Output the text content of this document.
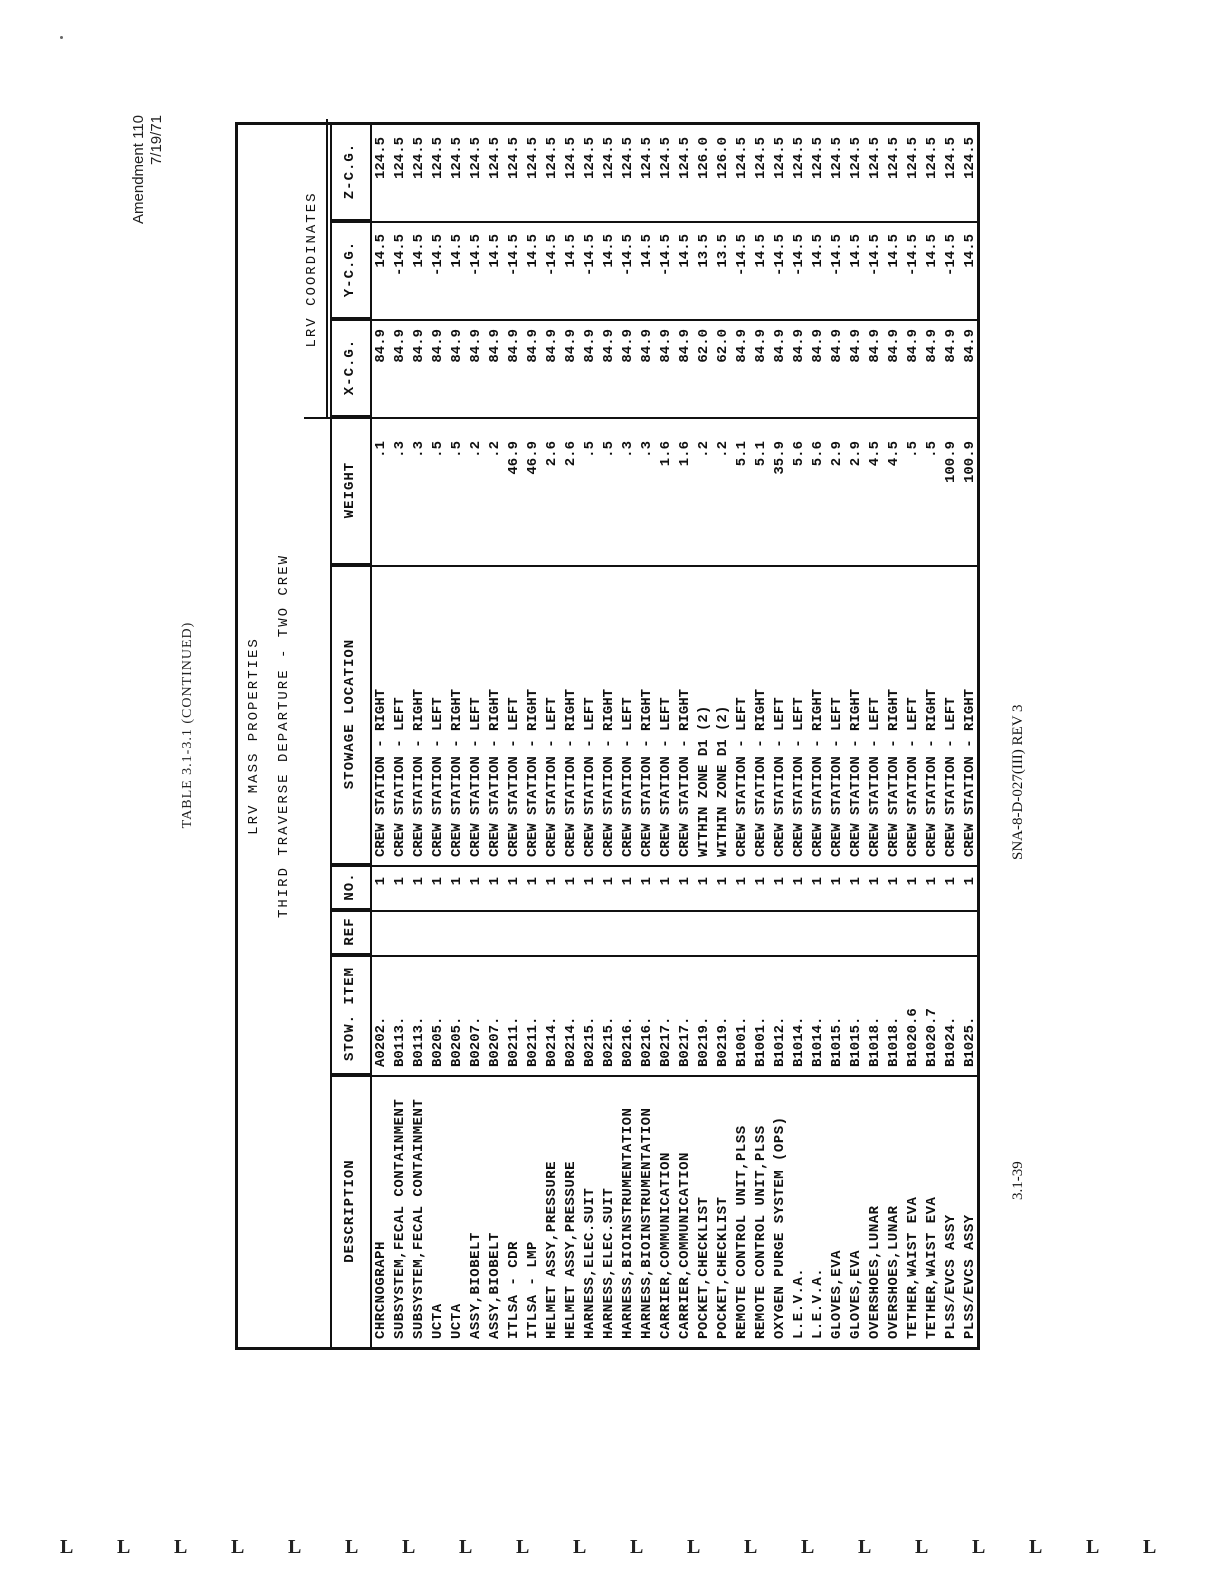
Amendment 110 7/19/71
TABLE 3.1-3.1 (CONTINUED)	LRV MASS PROPERTIES THIRD TRAVERSE DEPARTURE - TWO CREW
LRV COORDINATES
DESCRIPTION
STOW. ITEM
REF
NO.
STOWAGE LOCATION
WEIGHT
X-C.G.
Y-C.G.
Z-C.G.
CHRCNOGRAPH
A0202.
1
CREW STATION - RIGHT
.1
84.9
14.5
124.5
SUBSYSTEM,FECAL CONTAINMENT
B0113.
1
CREW STATION - LEFT
.3
84.9
-14.5
124.5
SUBSYSTEM,FECAL CONTAINMENT
B0113.
1
CREW STATION - RIGHT
.3
84.9
14.5
124.5
UCTA
B0205.
1
CREW STATION - LEFT
.5
84.9
-14.5
124.5
UCTA
B0205.
1
CREW STATION - RIGHT
.5
84.9
14.5
124.5
ASSY,BIOBELT
B0207.
1
CREW STATION - LEFT
.2
84.9
-14.5
124.5
ASSY,BIOBELT
B0207.
1
CREW STATION - RIGHT
.2
84.9
14.5
124.5
ITLSA - CDR
B0211.
1
CREW STATION - LEFT
46.9
84.9
-14.5
124.5
ITLSA - LMP
B0211.
1
CREW STATION - RIGHT
46.9
84.9
14.5
124.5
HELMET ASSY,PRESSURE
B0214.
1
CREW STATION - LEFT
2.6
84.9
-14.5
124.5
HELMET ASSY,PRESSURE
B0214.
1
CREW STATION - RIGHT
2.6
84.9
14.5
124.5
HARNESS,ELEC.SUIT
B0215.
1
CREW STATION - LEFT
.5
84.9
-14.5
124.5
HARNESS,ELEC.SUIT
B0215.
1
CREW STATION - RIGHT
.5
84.9
14.5
124.5
HARNESS,BIOINSTRUMENTATION
B0216.
1
CREW STATION - LEFT
.3
84.9
-14.5
124.5
HARNESS,BIOINSTRUMENTATION
B0216.
1
CREW STATION - RIGHT
.3
84.9
14.5
124.5
CARRIER,COMMUNICATION
B0217.
1
CREW STATION - LEFT
1.6
84.9
-14.5
124.5
CARRIER,COMMUNICATION
B0217.
1
CREW STATION - RIGHT
1.6
84.9
14.5
124.5
POCKET,CHECKLIST
B0219.
1
WITHIN ZONE D1 (2)
.2
62.0
13.5
126.0
POCKET,CHECKLIST
B0219.
1
WITHIN ZONE D1 (2)
.2
62.0
13.5
126.0
REMOTE CONTROL UNIT,PLSS
B1001.
1
CREW STATION - LEFT
5.1
84.9
-14.5
124.5
REMOTE CONTROL UNIT,PLSS
B1001.
1
CREW STATION - RIGHT
5.1
84.9
14.5
124.5
OXYGEN PURGE SYSTEM (OPS)
B1012.
1
CREW STATION - LEFT
35.9
84.9
-14.5
124.5
L.E.V.A.
B1014.
1
CREW STATION - LEFT
5.6
84.9
-14.5
124.5
L.E.V.A.
B1014.
1
CREW STATION - RIGHT
5.6
84.9
14.5
124.5
GLOVES,EVA
B1015.
1
CREW STATION - LEFT
2.9
84.9
-14.5
124.5
GLOVES,EVA
B1015.
1
CREW STATION - RIGHT
2.9
84.9
14.5
124.5
OVERSHOES,LUNAR
B1018.
1
CREW STATION - LEFT
4.5
84.9
-14.5
124.5
OVERSHOES,LUNAR
B1018.
1
CREW STATION - RIGHT
4.5
84.9
14.5
124.5
TETHER,WAIST EVA
B1020.6
1
CREW STATION - LEFT
.5
84.9
-14.5
124.5
TETHER,WAIST EVA
B1020.7
1
CREW STATION - RIGHT
.5
84.9
14.5
124.5
PLSS/EVCS ASSY
B1024.
1
CREW STATION - LEFT
100.9
84.9
-14.5
124.5
PLSS/EVCS ASSY
B1025.
1
CREW STATION - RIGHT
100.9
84.9
14.5
124.5
3.1-39
SNA-8-D-027(III) REV 3
L L L L L L L L L L L L L L L L L L L L
